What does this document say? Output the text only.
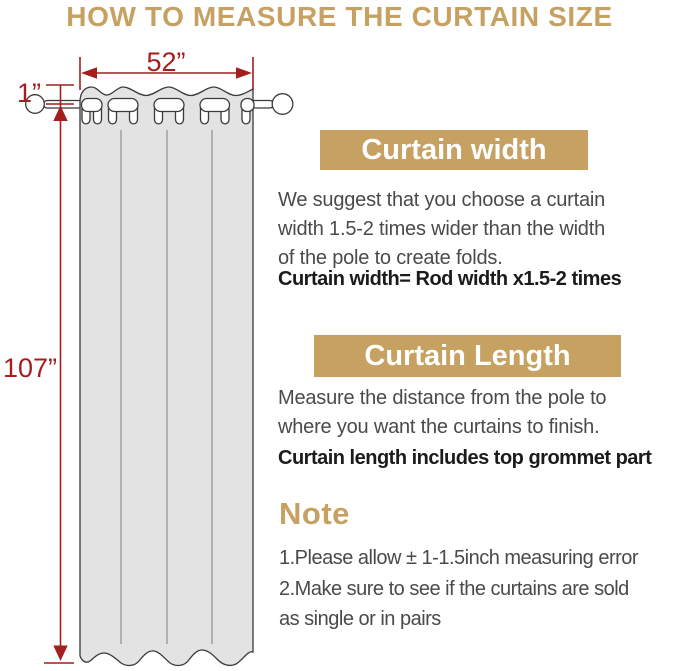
HOW TO MEASURE THE CURTAIN SIZE
52”
1”
107”
Curtain width
We suggest that you choose a curtain
width 1.5-2 times wider than the width
of the pole to create folds.
Curtain width= Rod width x1.5-2 times
Curtain Length
Measure the distance from the pole to
where you want the curtains to finish.
Curtain length includes top grommet part
Note
1.Please allow ± 1-1.5inch measuring error
2.Make sure to see if the curtains are sold
as single or in pairs
